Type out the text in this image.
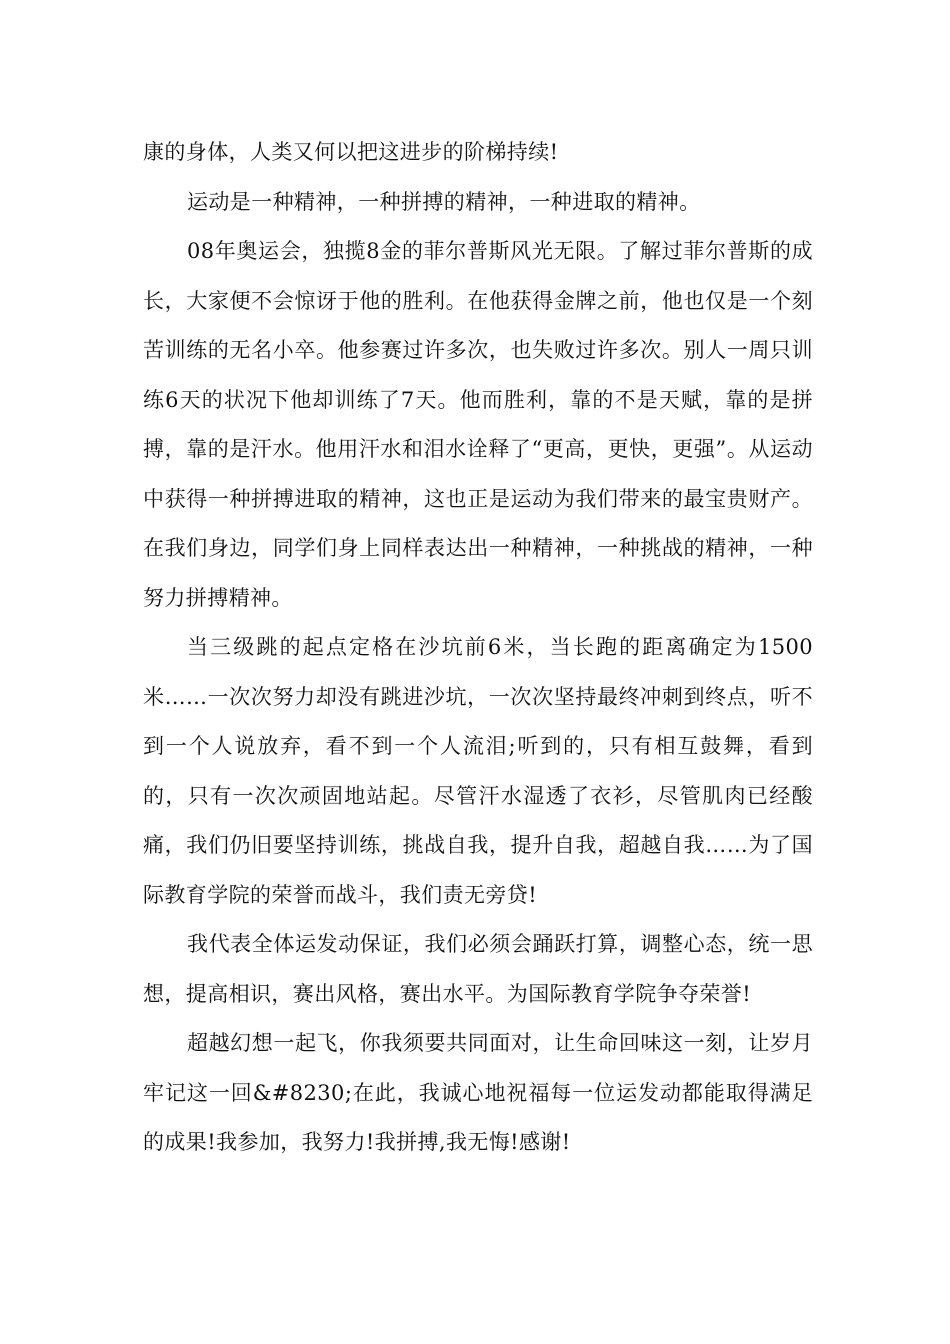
康的身体，人类又何以把这进步的阶梯持续!

运动是一种精神，一种拼搏的精神，一种进取的精神。

08年奥运会，独揽8金的菲尔普斯风光无限。了解过菲尔普斯的成长，大家便不会惊讶于他的胜利。在他获得金牌之前，他也仅是一个刻苦训练的无名小卒。他参赛过许多次，也失败过许多次。别人一周只训练6天的状况下他却训练了7天。他而胜利，靠的不是天赋，靠的是拼搏，靠的是汗水。他用汗水和泪水诠释了“更高，更快，更强”。从运动中获得一种拼搏进取的精神，这也正是运动为我们带来的最宝贵财产。在我们身边，同学们身上同样表达出一种精神，一种挑战的精神，一种努力拼搏精神。

当三级跳的起点定格在沙坑前6米，当长跑的距离确定为1500米……一次次努力却没有跳进沙坑，一次次坚持最终冲刺到终点，听不到一个人说放弃，看不到一个人流泪;听到的，只有相互鼓舞，看到的，只有一次次顽固地站起。尽管汗水湿透了衣衫，尽管肌肉已经酸痛，我们仍旧要坚持训练，挑战自我，提升自我，超越自我……为了国际教育学院的荣誉而战斗，我们责无旁贷!

我代表全体运发动保证，我们必须会踊跃打算，调整心态，统一思想，提高相识，赛出风格，赛出水平。为国际教育学院争夺荣誉!

超越幻想一起飞，你我须要共同面对，让生命回味这一刻，让岁月牢记这一回&#8230;在此，我诚心地祝福每一位运发动都能取得满足的成果!我参加，我努力!我拼搏,我无悔!感谢!
